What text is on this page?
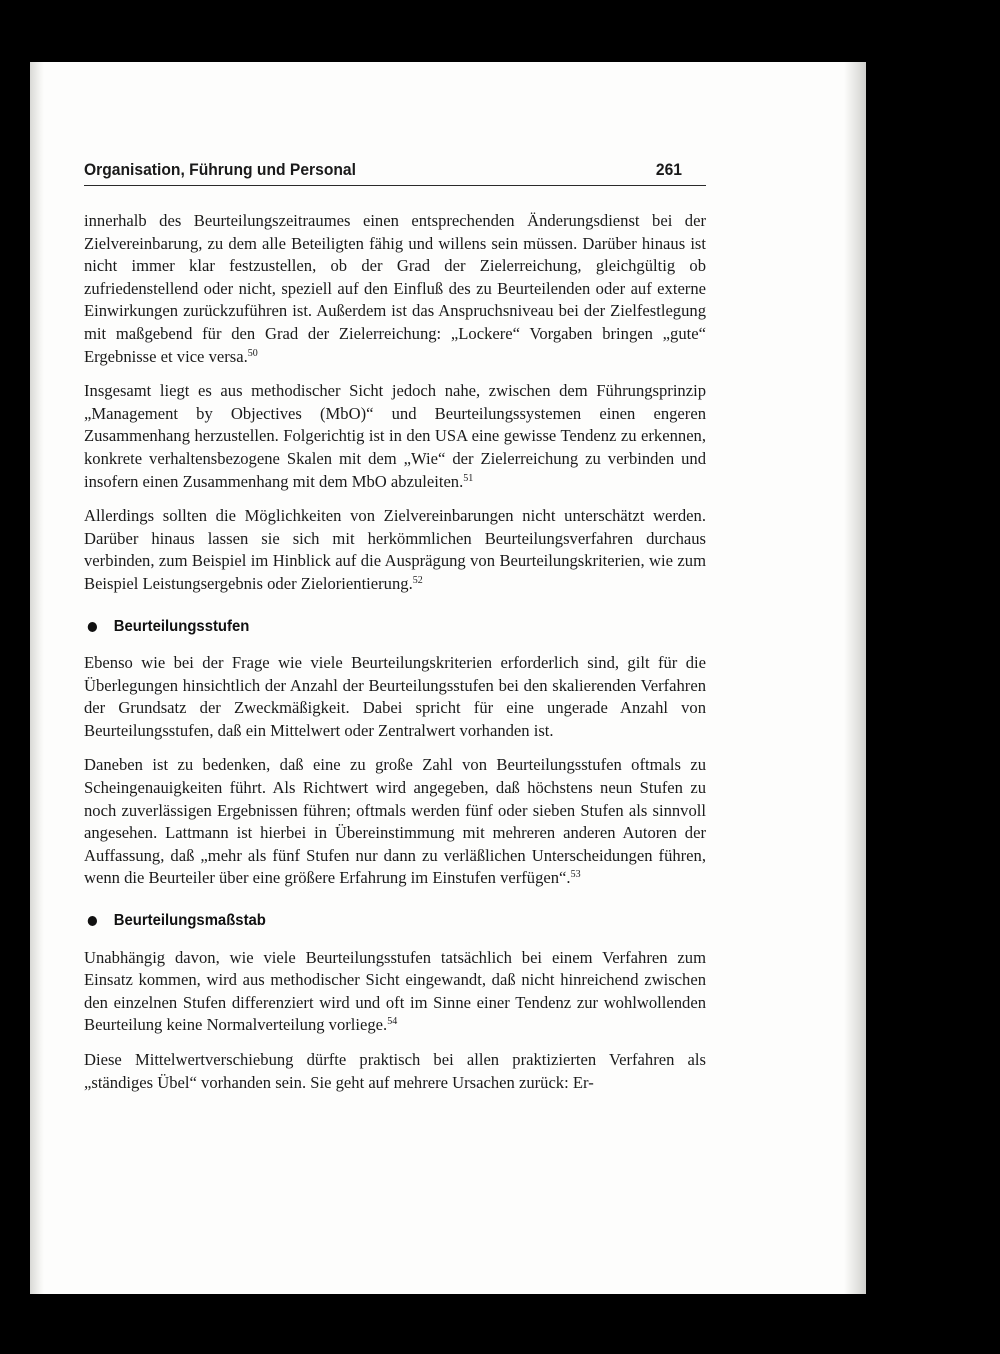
Organisation, Führung und Personal	261

innerhalb des Beurteilungszeitraumes einen entsprechenden Änderungsdienst bei der Zielvereinbarung, zu dem alle Beteiligten fähig und willens sein müssen. Darüber hinaus ist nicht immer klar festzustellen, ob der Grad der Zielerreichung, gleichgültig ob zufriedenstellend oder nicht, speziell auf den Einfluß des zu Beurteilenden oder auf externe Einwirkungen zurückzuführen ist. Außerdem ist das Anspruchsniveau bei der Zielfestlegung mit maßgebend für den Grad der Zielerreichung: „Lockere“ Vorgaben bringen „gute“ Ergebnisse et vice versa.$^{50}$

Insgesamt liegt es aus methodischer Sicht jedoch nahe, zwischen dem Führungsprinzip „Management by Objectives (MbO)“ und Beurteilungssystemen einen engeren Zusammenhang herzustellen. Folgerichtig ist in den USA eine gewisse Tendenz zu erkennen, konkrete verhaltensbezogene Skalen mit dem „Wie“ der Zielerreichung zu verbinden und insofern einen Zusammenhang mit dem MbO abzuleiten.$^{51}$

Allerdings sollten die Möglichkeiten von Zielvereinbarungen nicht unterschätzt werden. Darüber hinaus lassen sie sich mit herkömmlichen Beurteilungsverfahren durchaus verbinden, zum Beispiel im Hinblick auf die Ausprägung von Beurteilungskriterien, wie zum Beispiel Leistungsergebnis oder Zielorientierung.$^{52}$

Beurteilungsstufen

Ebenso wie bei der Frage wie viele Beurteilungskriterien erforderlich sind, gilt für die Überlegungen hinsichtlich der Anzahl der Beurteilungsstufen bei den skalierenden Verfahren der Grundsatz der Zweckmäßigkeit. Dabei spricht für eine ungerade Anzahl von Beurteilungsstufen, daß ein Mittelwert oder Zentralwert vorhanden ist.

Daneben ist zu bedenken, daß eine zu große Zahl von Beurteilungsstufen oftmals zu Scheingenauigkeiten führt. Als Richtwert wird angegeben, daß höchstens neun Stufen zu noch zuverlässigen Ergebnissen führen; oftmals werden fünf oder sieben Stufen als sinnvoll angesehen. Lattmann ist hierbei in Übereinstimmung mit mehreren anderen Autoren der Auffassung, daß „mehr als fünf Stufen nur dann zu verläßlichen Unterscheidungen führen, wenn die Beurteiler über eine größere Erfahrung im Einstufen verfügen“.$^{53}$

Beurteilungsmaßstab

Unabhängig davon, wie viele Beurteilungsstufen tatsächlich bei einem Verfahren zum Einsatz kommen, wird aus methodischer Sicht eingewandt, daß nicht hinreichend zwischen den einzelnen Stufen differenziert wird und oft im Sinne einer Tendenz zur wohlwollenden Beurteilung keine Normalverteilung vorliege.$^{54}$

Diese Mittelwertverschiebung dürfte praktisch bei allen praktizierten Verfahren als „ständiges Übel“ vorhanden sein. Sie geht auf mehrere Ursachen zurück: Er-
